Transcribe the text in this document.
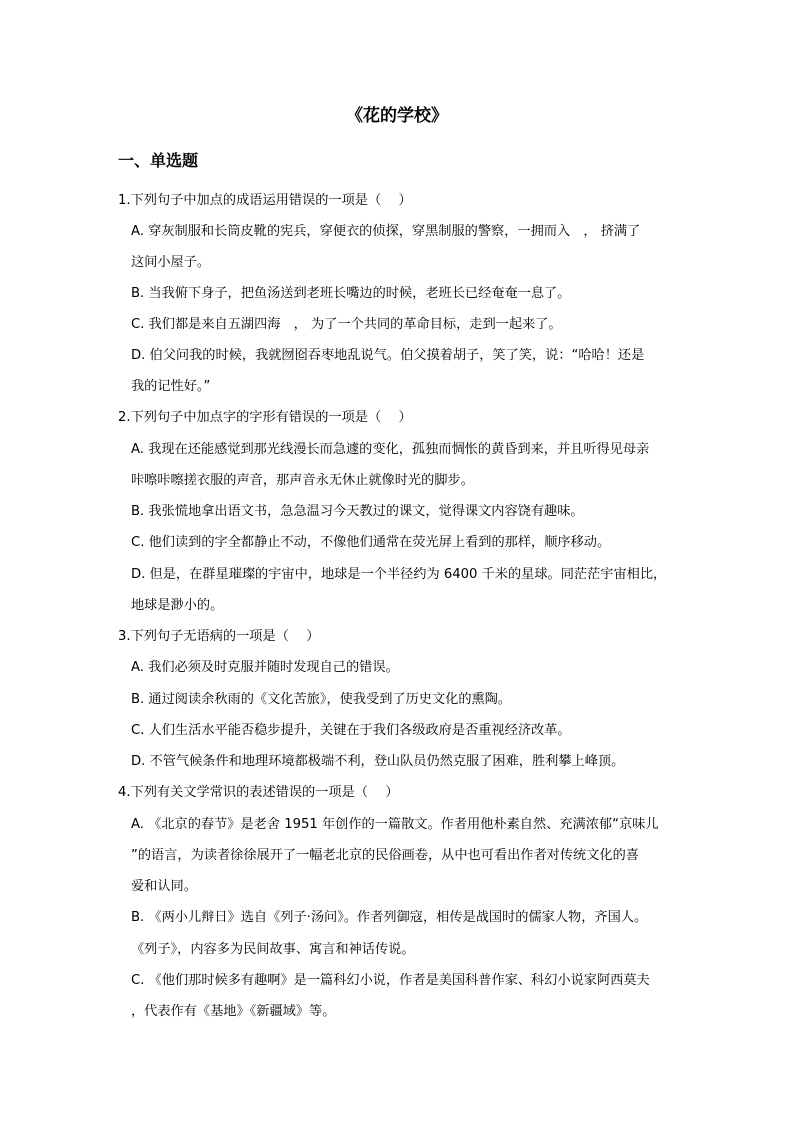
《花的学校》
一、单选题
1.下列句子中加点的成语运用错误的一项是（　 ）
A. 穿灰制服和长筒皮靴的宪兵，穿便衣的侦探，穿黑制服的警察，一拥而入　， 挤满了
这间小屋子。
B. 当我俯下身子，把鱼汤送到老班长嘴边的时候，老班长已经奄奄一息了。
C. 我们都是来自五湖四海　， 为了一个共同的革命目标，走到一起来了。
D. 伯父问我的时候，我就囫囵吞枣地乱说气。伯父摸着胡子，笑了笑，说：“哈哈！还是
我的记性好。”
2.下列句子中加点字的字形有错误的一项是（　 ）
A. 我现在还能感觉到那光线漫长而急遽的变化，孤独而惆怅的黄昏到来，并且听得见母亲
咔嚓咔嚓搓衣服的声音，那声音永无休止就像时光的脚步。
B. 我张慌地拿出语文书，急急温习今天教过的课文，觉得课文内容饶有趣味。
C. 他们读到的字全都静止不动，不像他们通常在荧光屏上看到的那样，顺序移动。
D. 但是，在群星璀璨的宇宙中，地球是一个半径约为 6400 千米的星球。同茫茫宇宙相比，
地球是渺小的。
3.下列句子无语病的一项是（　 ）
A. 我们必须及时克服并随时发现自己的错误。
B. 通过阅读余秋雨的《文化苦旅》，使我受到了历史文化的熏陶。
C. 人们生活水平能否稳步提升，关键在于我们各级政府是否重视经济改革。
D. 不管气候条件和地理环境都极端不利，登山队员仍然克服了困难，胜利攀上峰顶。
4.下列有关文学常识的表述错误的一项是（　 ）
A. 《北京的春节》是老舍 1951 年创作的一篇散文。作者用他朴素自然、充满浓郁“京味儿
”的语言，为读者徐徐展开了一幅老北京的民俗画卷，从中也可看出作者对传统文化的喜
爱和认同。
B. 《两小儿辩日》选自《列子·汤问》。作者列御寇，相传是战国时的儒家人物，齐国人。
《列子》，内容多为民间故事、寓言和神话传说。
C. 《他们那时候多有趣啊》是一篇科幻小说，作者是美国科普作家、科幻小说家阿西莫夫
，代表作有《基地》《新疆域》等。
